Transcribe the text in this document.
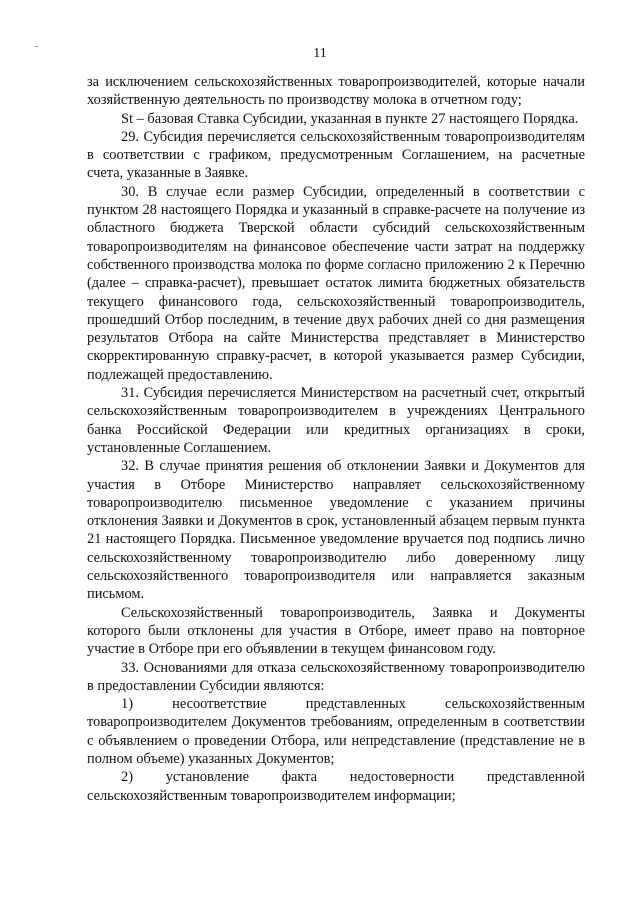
11

за исключением сельскохозяйственных товаропроизводителей, которые начали хозяйственную деятельность по производству молока в отчетном году;

St – базовая Ставка Субсидии, указанная в пункте 27 настоящего Порядка.

29. Субсидия перечисляется сельскохозяйственным товаропроизводителям в соответствии с графиком, предусмотренным Соглашением, на расчетные счета, указанные в Заявке.

30. В случае если размер Субсидии, определенный в соответствии с пунктом 28 настоящего Порядка и указанный в справке-расчете на получение из областного бюджета Тверской области субсидий сельскохозяйственным товаропроизводителям на финансовое обеспечение части затрат на поддержку собственного производства молока по форме согласно приложению 2 к Перечню (далее – справка-расчет), превышает остаток лимита бюджетных обязательств текущего финансового года, сельскохозяйственный товаропроизводитель, прошедший Отбор последним, в течение двух рабочих дней со дня размещения результатов Отбора на сайте Министерства представляет в Министерство скорректированную справку-расчет, в которой указывается размер Субсидии, подлежащей предоставлению.

31. Субсидия перечисляется Министерством на расчетный счет, открытый сельскохозяйственным товаропроизводителем в учреждениях Центрального банка Российской Федерации или кредитных организациях в сроки, установленные Соглашением.

32. В случае принятия решения об отклонении Заявки и Документов для участия в Отборе Министерство направляет сельскохозяйственному товаропроизводителю письменное уведомление с указанием причины отклонения Заявки и Документов в срок, установленный абзацем первым пункта 21 настоящего Порядка. Письменное уведомление вручается под подпись лично сельскохозяйственному товаропроизводителю либо доверенному лицу сельскохозяйственного товаропроизводителя или направляется заказным письмом.

Сельскохозяйственный товаропроизводитель, Заявка и Документы которого были отклонены для участия в Отборе, имеет право на повторное участие в Отборе при его объявлении в текущем финансовом году.

33. Основаниями для отказа сельскохозяйственному товаропроизводителю в предоставлении Субсидии являются:

1) несоответствие представленных сельскохозяйственным товаропроизводителем Документов требованиям, определенным в соответствии с объявлением о проведении Отбора, или непредставление (представление не в полном объеме) указанных Документов;

2) установление факта недостоверности представленной сельскохозяйственным товаропроизводителем информации;
